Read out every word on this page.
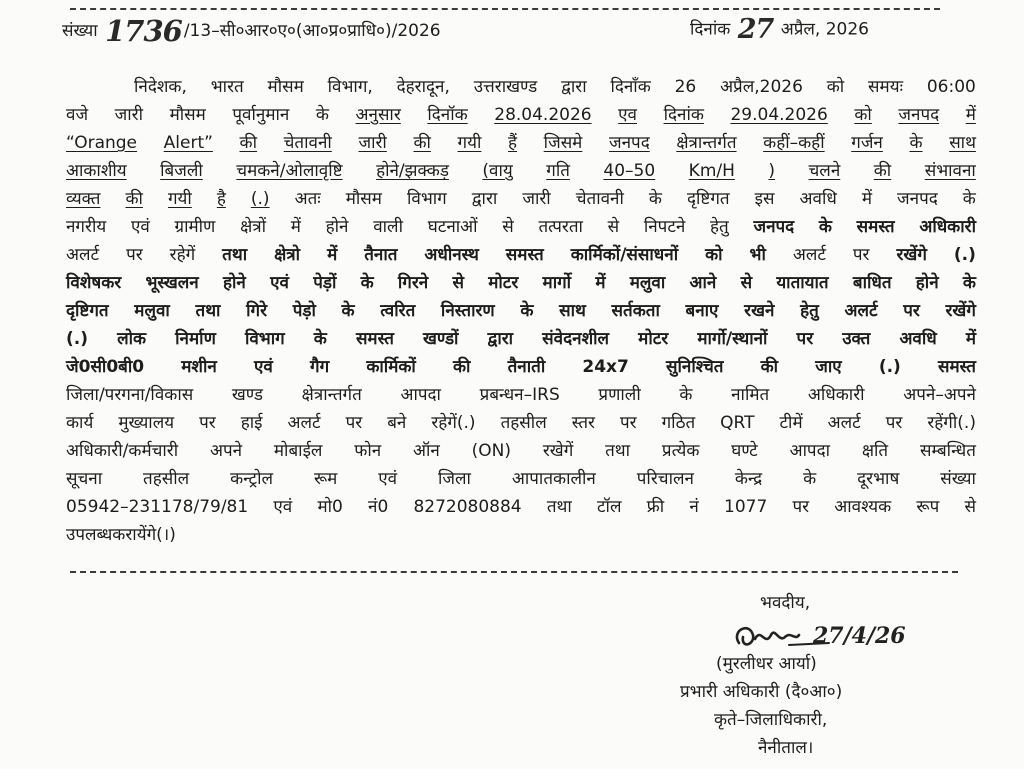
संख्या 1736 /13–सी०आर०ए०(आ०प्र०प्राधि०)/2026	दिनांक 27 अप्रैल, 2026
निदेशक, भारत मौसम विभाग, देहरादून, उत्तराखण्ड द्वारा दिनाँक 26 अप्रैल,2026 को समयः 06:00
वजे जारी मौसम पूर्वानुमान के अनुसार दिनॉक 28.04.2026 एव दिनांक 29.04.2026 को जनपद में
“Orange Alert” की चेतावनी जारी की गयी हैं जिसमे जनपद क्षेत्रान्तर्गत कहीं–कहीं गर्जन के साथ
आकाशीय बिजली चमकने/ओलावृष्टि होने/झक्कड़ (वायु गति 40–50 Km/H ) चलने की संभावना
व्यक्त की गयी है (.) अतः मौसम विभाग द्वारा जारी चेतावनी के दृष्टिगत इस अवधि में जनपद के
नगरीय एवं ग्रामीण क्षेत्रों में होने वाली घटनाओं से तत्परता से निपटने हेतु जनपद के समस्त अधिकारी
अलर्ट पर रहेगें तथा क्षेत्रो में तैनात अधीनस्थ समस्त कार्मिकों/संसाधनों को भी अलर्ट पर रखेंगे (.)
विशेषकर भूस्खलन होने एवं पेड़ों के गिरने से मोटर मार्गो में मलुवा आने से यातायात बाधित होने के
दृष्टिगत मलुवा तथा गिरे पेड़ो के त्वरित निस्तारण के साथ सर्तकता बनाए रखने हेतु अलर्ट पर रखेंगे
(.) लोक निर्माण विभाग के समस्त खण्डों द्वारा संवेदनशील मोटर मार्गो/स्थानों पर उक्त अवधि में
जे0सी0बी0 मशीन एवं गैग कार्मिकों की तैनाती 24x7 सुनिश्चित की जाए (.) समस्त
जिला/परगना/विकास खण्ड क्षेत्रान्तर्गत आपदा प्रबन्धन–IRS प्रणाली के नामित अधिकारी अपने–अपने
कार्य मुख्यालय पर हाई अलर्ट पर बने रहेगें(.) तहसील स्तर पर गठित QRT टीमें अलर्ट पर रहेंगी(.)
अधिकारी/कर्मचारी अपने मोबाईल फोन ऑन (ON) रखेगें तथा प्रत्येक घण्टे आपदा क्षति सम्बन्धित
सूचना तहसील कन्ट्रोल रूम एवं जिला आपातकालीन परिचालन केन्द्र के दूरभाष संख्या
05942–231178/79/81 एवं मो0 नं0 8272080884 तथा टॉल फ्री नं 1077 पर आवश्यक रूप से
उपलब्ध करायेंगे (।)
भवदीय,
27/4/26
(मुरलीधर आर्या)
प्रभारी अधिकारी (दै०आ०)
कृते–जिलाधिकारी,
नैनीताल।
